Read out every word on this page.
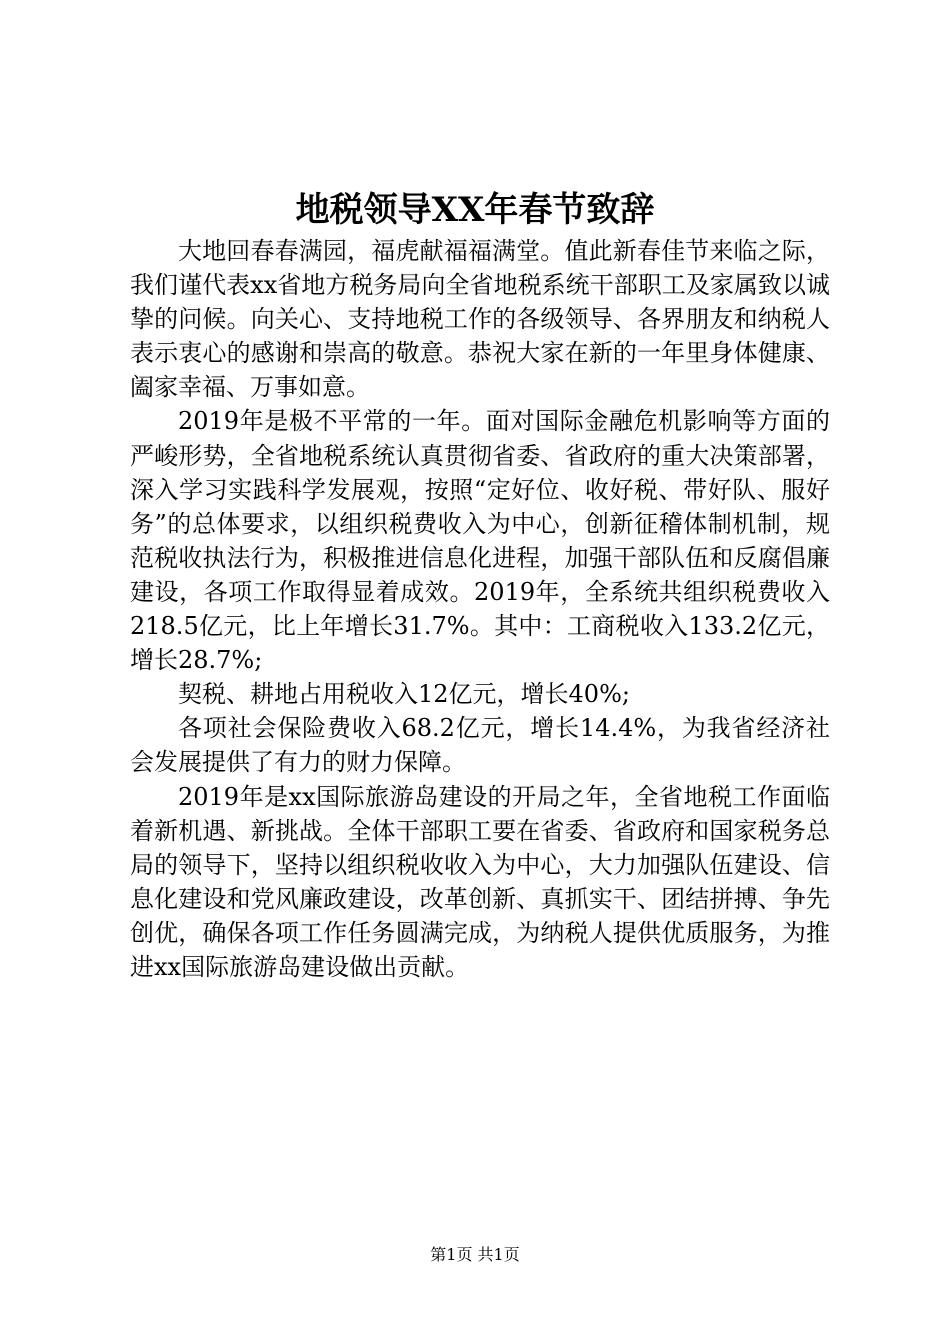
地税领导XX年春节致辞

大地回春春满园，福虎献福福满堂。值此新春佳节来临之际，我们谨代表xx省地方税务局向全省地税系统干部职工及家属致以诚挚的问候。向关心、支持地税工作的各级领导、各界朋友和纳税人表示衷心的感谢和崇高的敬意。恭祝大家在新的一年里身体健康、阖家幸福、万事如意。

2019年是极不平常的一年。面对国际金融危机影响等方面的严峻形势，全省地税系统认真贯彻省委、省政府的重大决策部署，深入学习实践科学发展观，按照“定好位、收好税、带好队、服好务”的总体要求，以组织税费收入为中心，创新征稽体制机制，规范税收执法行为，积极推进信息化进程，加强干部队伍和反腐倡廉建设，各项工作取得显着成效。2019年，全系统共组织税费收入218.5亿元，比上年增长31.7%。其中：工商税收入133.2亿元，增长28.7%;

契税、耕地占用税收入12亿元，增长40%;

各项社会保险费收入68.2亿元，增长14.4%，为我省经济社会发展提供了有力的财力保障。

2019年是xx国际旅游岛建设的开局之年，全省地税工作面临着新机遇、新挑战。全体干部职工要在省委、省政府和国家税务总局的领导下，坚持以组织税收收入为中心，大力加强队伍建设、信息化建设和党风廉政建设，改革创新、真抓实干、团结拼搏、争先创优，确保各项工作任务圆满完成，为纳税人提供优质服务，为推进xx国际旅游岛建设做出贡献。

第1页 共1页
